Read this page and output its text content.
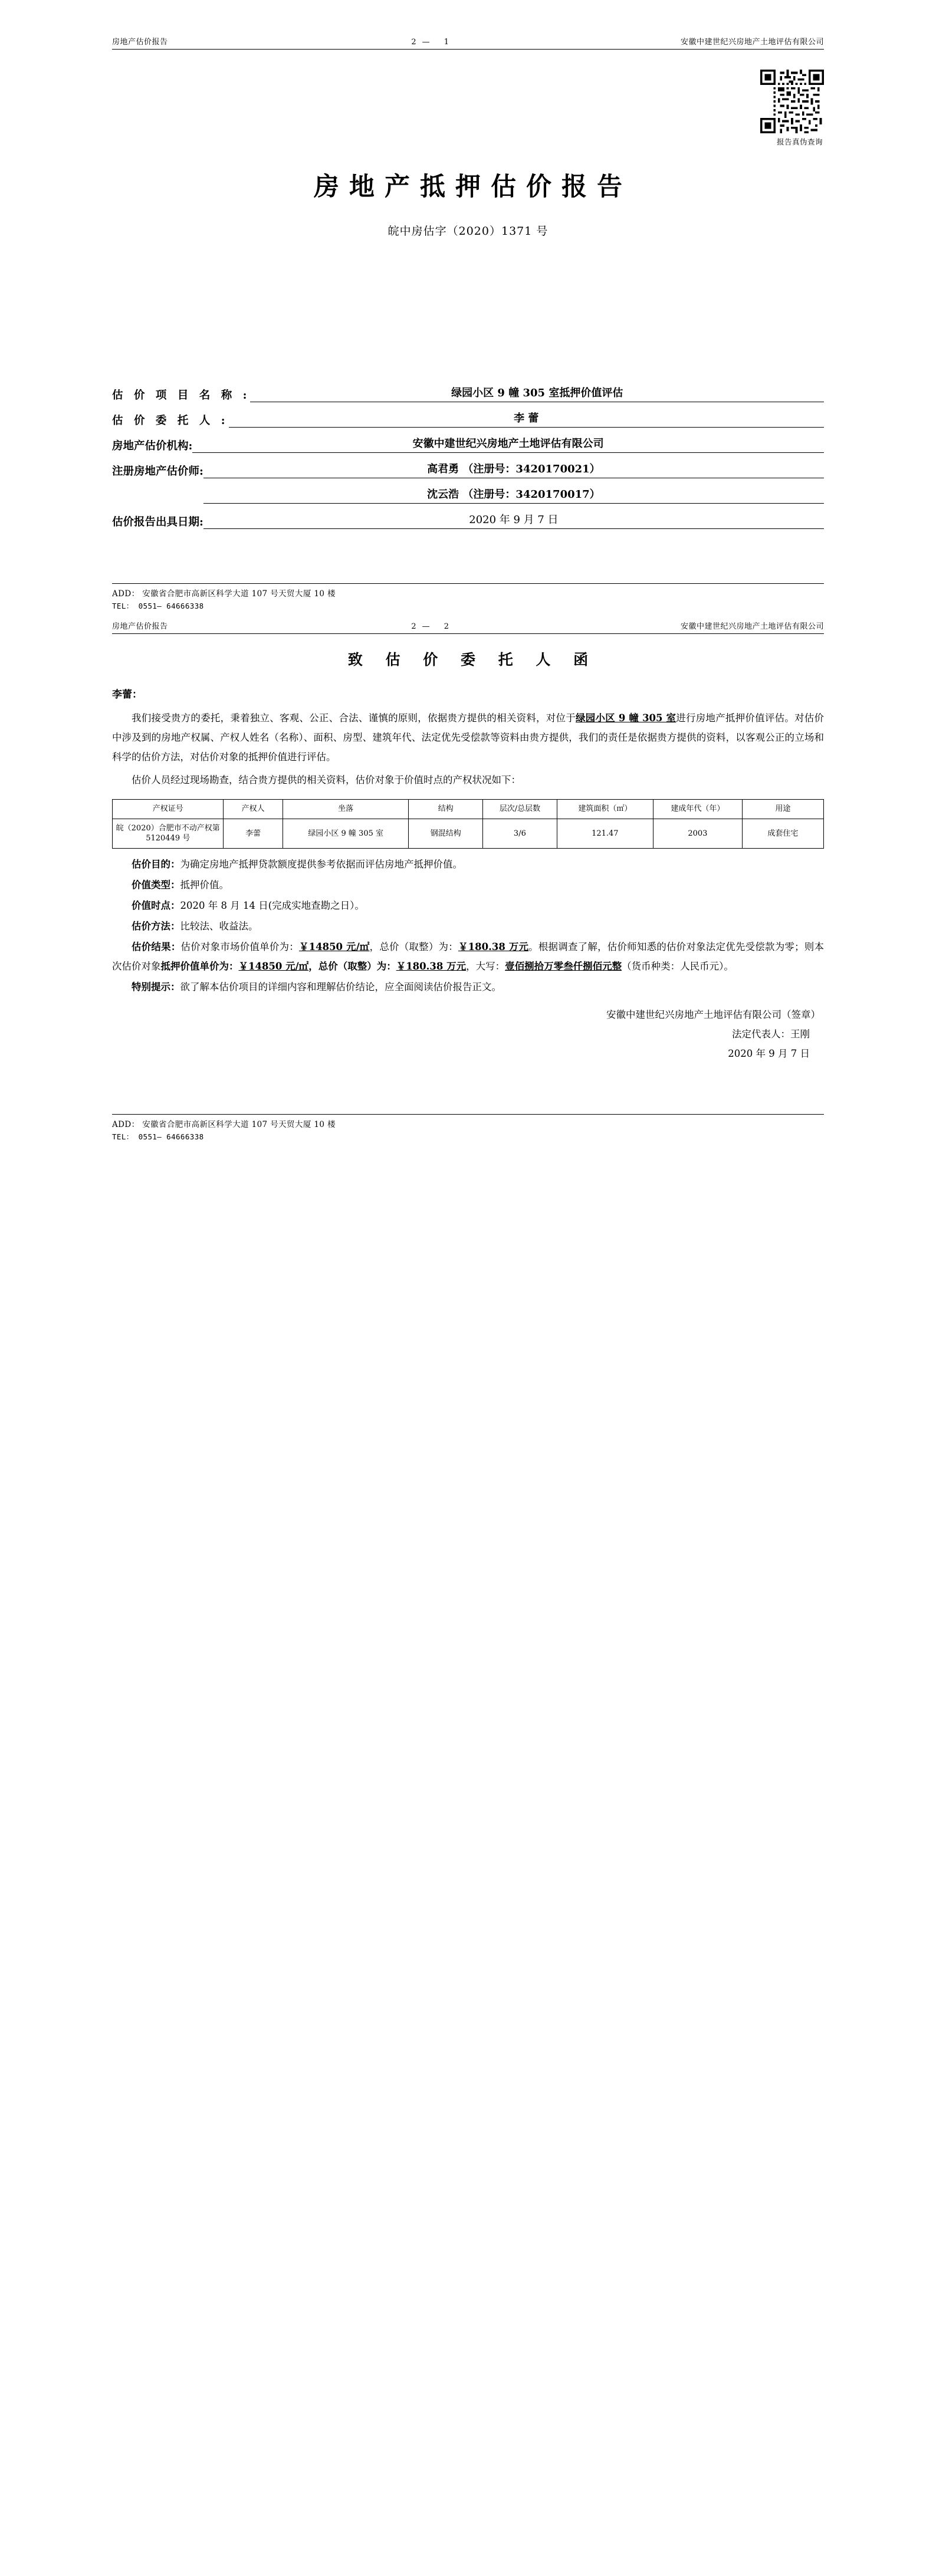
房地产估价报告	2— 1	安徽中建世纪兴房地产土地评估有限公司
报告真伪查询
房地产抵押估价报告
皖中房估字（2020）1371 号
估 价 项 目 名 称 :	绿园小区 9 幢 305 室抵押价值评估
估 价 委 托 人 :	李 蕾
房地产估价机构:	安徽中建世纪兴房地产土地评估有限公司
注册房地产估价师:	高君勇 （注册号：3420170021）
沈云浩 （注册号：3420170017）
估价报告出具日期:	2020 年 9 月 7 日
ADD： 安徽省合肥市高新区科学大道 107 号天贸大厦 10 楼
TEL： 0551— 64666338
房地产估价报告	2— 2	安徽中建世纪兴房地产土地评估有限公司
致 估 价 委 托 人 函
李蕾：
我们接受贵方的委托，秉着独立、客观、公正、合法、谨慎的原则，依据贵方提供的相关资料，对位于绿园小区 9 幢 305 室进行房地产抵押价值评估。对估价中涉及到的房地产权属、产权人姓名（名称）、面积、房型、建筑年代、法定优先受偿款等资料由贵方提供，我们的责任是依据贵方提供的资料，以客观公正的立场和科学的估价方法，对估价对象的抵押价值进行评估。
估价人员经过现场勘查，结合贵方提供的相关资料，估价对象于价值时点的产权状况如下：
产权证号	产权人	坐落	结构	层次/总层数	建筑面积（㎡）	建成年代（年）	用途
皖（2020）合肥市不动产权第 5120449 号	李蕾	绿园小区 9 幢 305 室	钢混结构	3/6	121.47	2003	成套住宅
估价目的：为确定房地产抵押贷款额度提供参考依据而评估房地产抵押价值。
价值类型：抵押价值。
价值时点：2020 年 8 月 14 日(完成实地查勘之日）。
估价方法：比较法、收益法。
估价结果：估价对象市场价值单价为：￥14850 元/㎡，总价（取整）为：￥180.38 万元。根据调查了解，估价师知悉的估价对象法定优先受偿款为零；则本次估价对象抵押价值单价为：￥14850 元/㎡，总价（取整）为：￥180.38 万元，大写：壹佰捌拾万零叁仟捌佰元整（货币种类：人民币元）。
特别提示：欲了解本估价项目的详细内容和理解估价结论，应全面阅读估价报告正文。
安徽中建世纪兴房地产土地评估有限公司（签章）
法定代表人：王刚
2020 年 9 月 7 日
ADD： 安徽省合肥市高新区科学大道 107 号天贸大厦 10 楼
TEL： 0551— 64666338
